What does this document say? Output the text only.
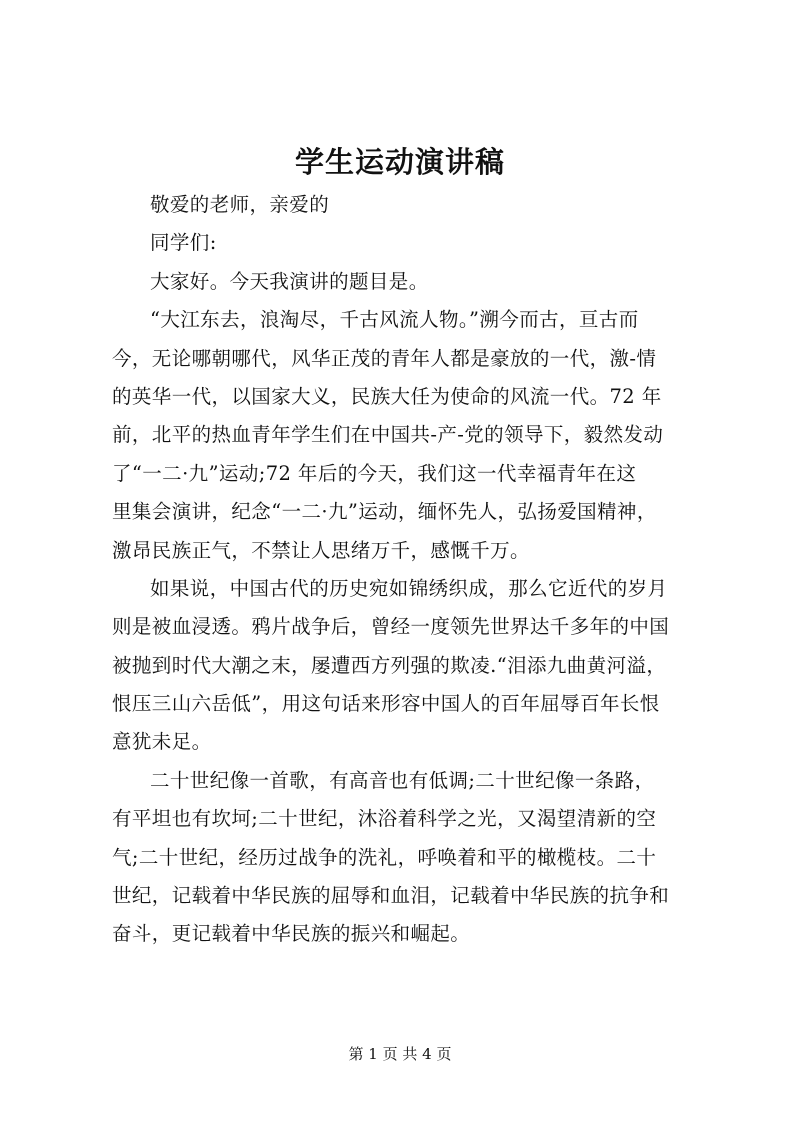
学生运动演讲稿
敬爱的老师，亲爱的
同学们:
大家好。今天我演讲的题目是。
“大江东去，浪淘尽，千古风流人物。”溯今而古，亘古而
今，无论哪朝哪代，风华正茂的青年人都是豪放的一代，激-情
的英华一代，以国家大义，民族大任为使命的风流一代。72 年
前，北平的热血青年学生们在中国共-产-党的领导下，毅然发动
了“一二·九”运动;72 年后的今天，我们这一代幸福青年在这
里集会演讲，纪念“一二·九”运动，缅怀先人，弘扬爱国精神，
激昂民族正气，不禁让人思绪万千，感慨千万。
如果说，中国古代的历史宛如锦绣织成，那么它近代的岁月
则是被血浸透。鸦片战争后，曾经一度领先世界达千多年的中国
被抛到时代大潮之末，屡遭西方列强的欺凌.“泪添九曲黄河溢，
恨压三山六岳低”，用这句话来形容中国人的百年屈辱百年长恨
意犹未足。
二十世纪像一首歌，有高音也有低调;二十世纪像一条路，
有平坦也有坎坷;二十世纪，沐浴着科学之光，又渴望清新的空
气;二十世纪，经历过战争的洗礼，呼唤着和平的橄榄枝。二十
世纪，记载着中华民族的屈辱和血泪，记载着中华民族的抗争和
奋斗，更记载着中华民族的振兴和崛起。
第 1 页 共 4 页
